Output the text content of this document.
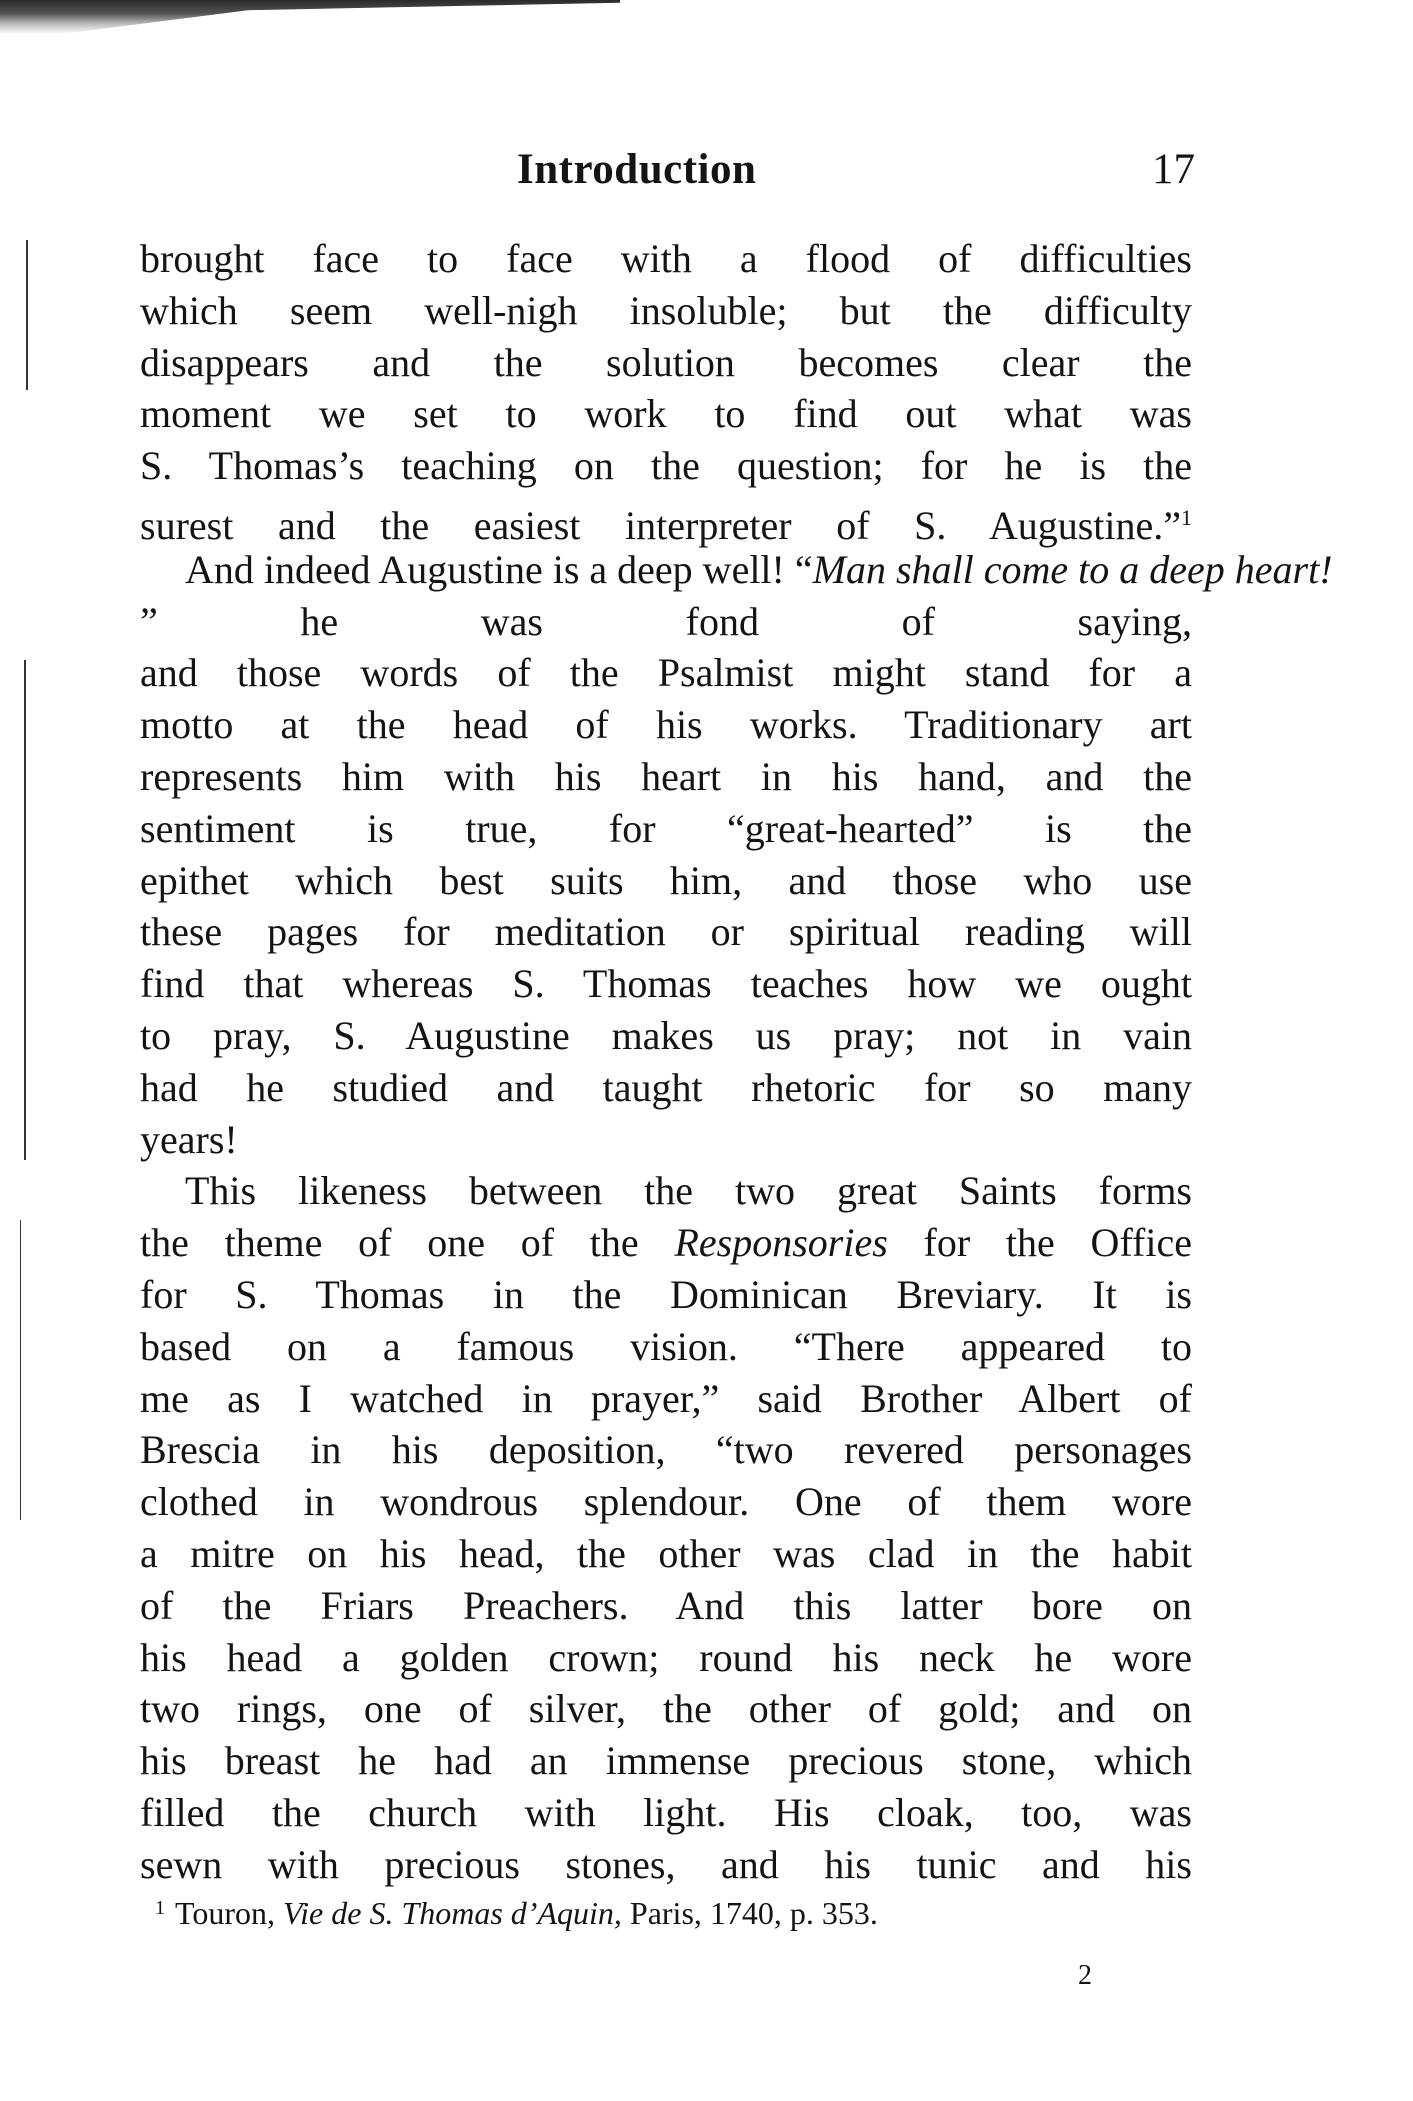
Introduction	17
brought face to face with a flood of difficulties
which seem well-nigh insoluble; but the difficulty
disappears and the solution becomes clear the
moment we set to work to find out what was
S. Thomas’s teaching on the question; for he is the
surest and the easiest interpreter of S. Augustine.”$^1$
And indeed Augustine is a deep well! “Man shall come to a deep heart!
” he was fond of saying,
and those words of the Psalmist might stand for a
motto at the head of his works. Traditionary art
represents him with his heart in his hand, and the
sentiment is true, for “great-hearted” is the
epithet which best suits him, and those who use
these pages for meditation or spiritual reading will
find that whereas S. Thomas teaches how we ought
to pray, S. Augustine makes us pray; not in vain
had he studied and taught rhetoric for so many
years!
This likeness between the two great Saints forms
the theme of one of the Responsories for the Office
for S. Thomas in the Dominican Breviary. It is
based on a famous vision. “There appeared to
me as I watched in prayer,” said Brother Albert of
Brescia in his deposition, “two revered personages
clothed in wondrous splendour. One of them wore
a mitre on his head, the other was clad in the habit
of the Friars Preachers. And this latter bore on
his head a golden crown; round his neck he wore
two rings, one of silver, the other of gold; and on
his breast he had an immense precious stone, which
filled the church with light. His cloak, too, was
sewn with precious stones, and his tunic and his
$^1$ Touron, Vie de S. Thomas d’Aquin, Paris, 1740, p. 353.
2
